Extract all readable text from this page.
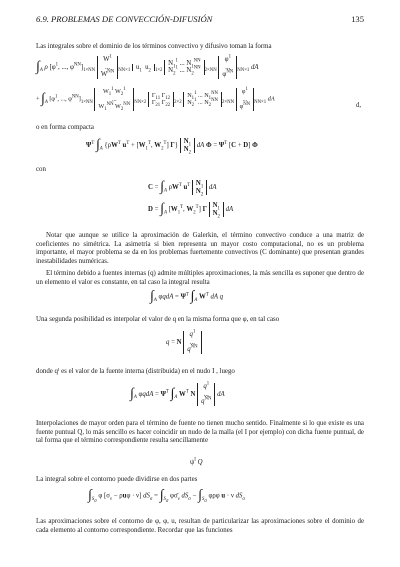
6.9. PROBLEMAS DE CONVECCIÓN-DIFUSIÓN	135
Las integrales sobre el dominio de los términos convectivo y difusivo toman la forma
$\int_A$ ρ [$\varphi^1$, ..., $\varphi^{NN}]_{1\times NN}$ $W^1$
...
$W^{NN}$ $_{NN\times 1}$ $u_1$  $u_2$ $_{1\times 2}$ $N_1^1$ ... $N_1^{NN}$
$N_2^1$ ... $N_2^{NN}$ $_{2\times NN}$ $\varphi^1$
...
$\varphi^{NN}$ $_{NN\times 1}$ dA
+ $\int_A$ [$\varphi^1$, ..., $\varphi^{NN}]_{1\times NN}$ $W_1^1$ $W_2^1$
...
$W_1^{NN}$ $W_2^{NN}$ $_{NN\times 2}$ $\Gamma_{11}$ $\Gamma_{12}$
$\Gamma_{21}$ $\Gamma_{222\times 2}$ $N_1^1$ ... $N_1^{NN}$
$N_2^1$ ... $N_2^{NN}$ $_{2\times NN}$ $\varphi^1$
...
$\varphi^{NN}$ $_{NN\times 1}$ dA
d,
o en forma compacta
$\Psi^T$ $\int_A$ {$\rho W^T$ $u^T + [W_1^T$, $W_2^T$] Γ} $N_1$
$N_2$ dA $\Phi = \Psi^T$ [C + D] Φ
con
$C = \int_A$ $\rho W^T$ $u^T$ $N_1$
$N_2$ dA
$D = \int_A$ [$W_1^T$, $W_2^T$] Γ $N_1$
$N_2$ dA
Notar que aunque se utilice la aproximación de Galerkin, el término convectivo conduce a una matriz de coeficientes no simétrica. La asimetría si bien representa un mayor costo computacional, no es un problema importante, el mayor problema se da en los problemas fuertemente convectivos (C dominante) que presentan grandes inestabilidades numéricas.
El término debido a fuentes internas (q) admite múltiples aproximaciones, la más sencilla es suponer que dentro de un elemento el valor es constante, en tal caso la integral resulta
$\int_A$ $\varphi qdA = \Psi^T$ $\int_A$ $W^T$ dA q
Una segunda posibilidad es interpolar el valor de q en la misma forma que φ, en tal caso
q = N $q^1$
...
$q^{NN}$
donde qᴵ es el valor de la fuente interna (distribuida) en el nudo I , luego
$\int_A$ $\varphi qdA = \Psi^T$ $\int_A$ $W^T$ N $q^1$
...
$q^{NN}$ dA
Interpolaciones de mayor orden para el término de fuente no tienen mucho sentido. Finalmente si lo que existe es una fuente puntual Q, lo más sencillo es hacer coincidir un nudo de la malla (el I por ejemplo) con dicha fuente puntual, de tal forma que el término correspondiente resulta sencillamente
$\psi^I$ Q
La integral sobre el contorno puede dividirse en dos partes
$\int_{S_\sigma}$ φ $[\sigma_\nu - \rho u\varphi \cdot \nu] dS_\sigma = \int_{S_\sigma}$ $\varphi\sigmā_\nu$ $dS_\sigma - \int_{S_\sigma}$ φρφ u · ν $dS_\sigma$
Las aproximaciones sobre el contorno de φ, φ, u, resultan de particularizar las aproximaciones sobre el dominio de cada elemento al contorno correspondiente. Recordar que las funciones
